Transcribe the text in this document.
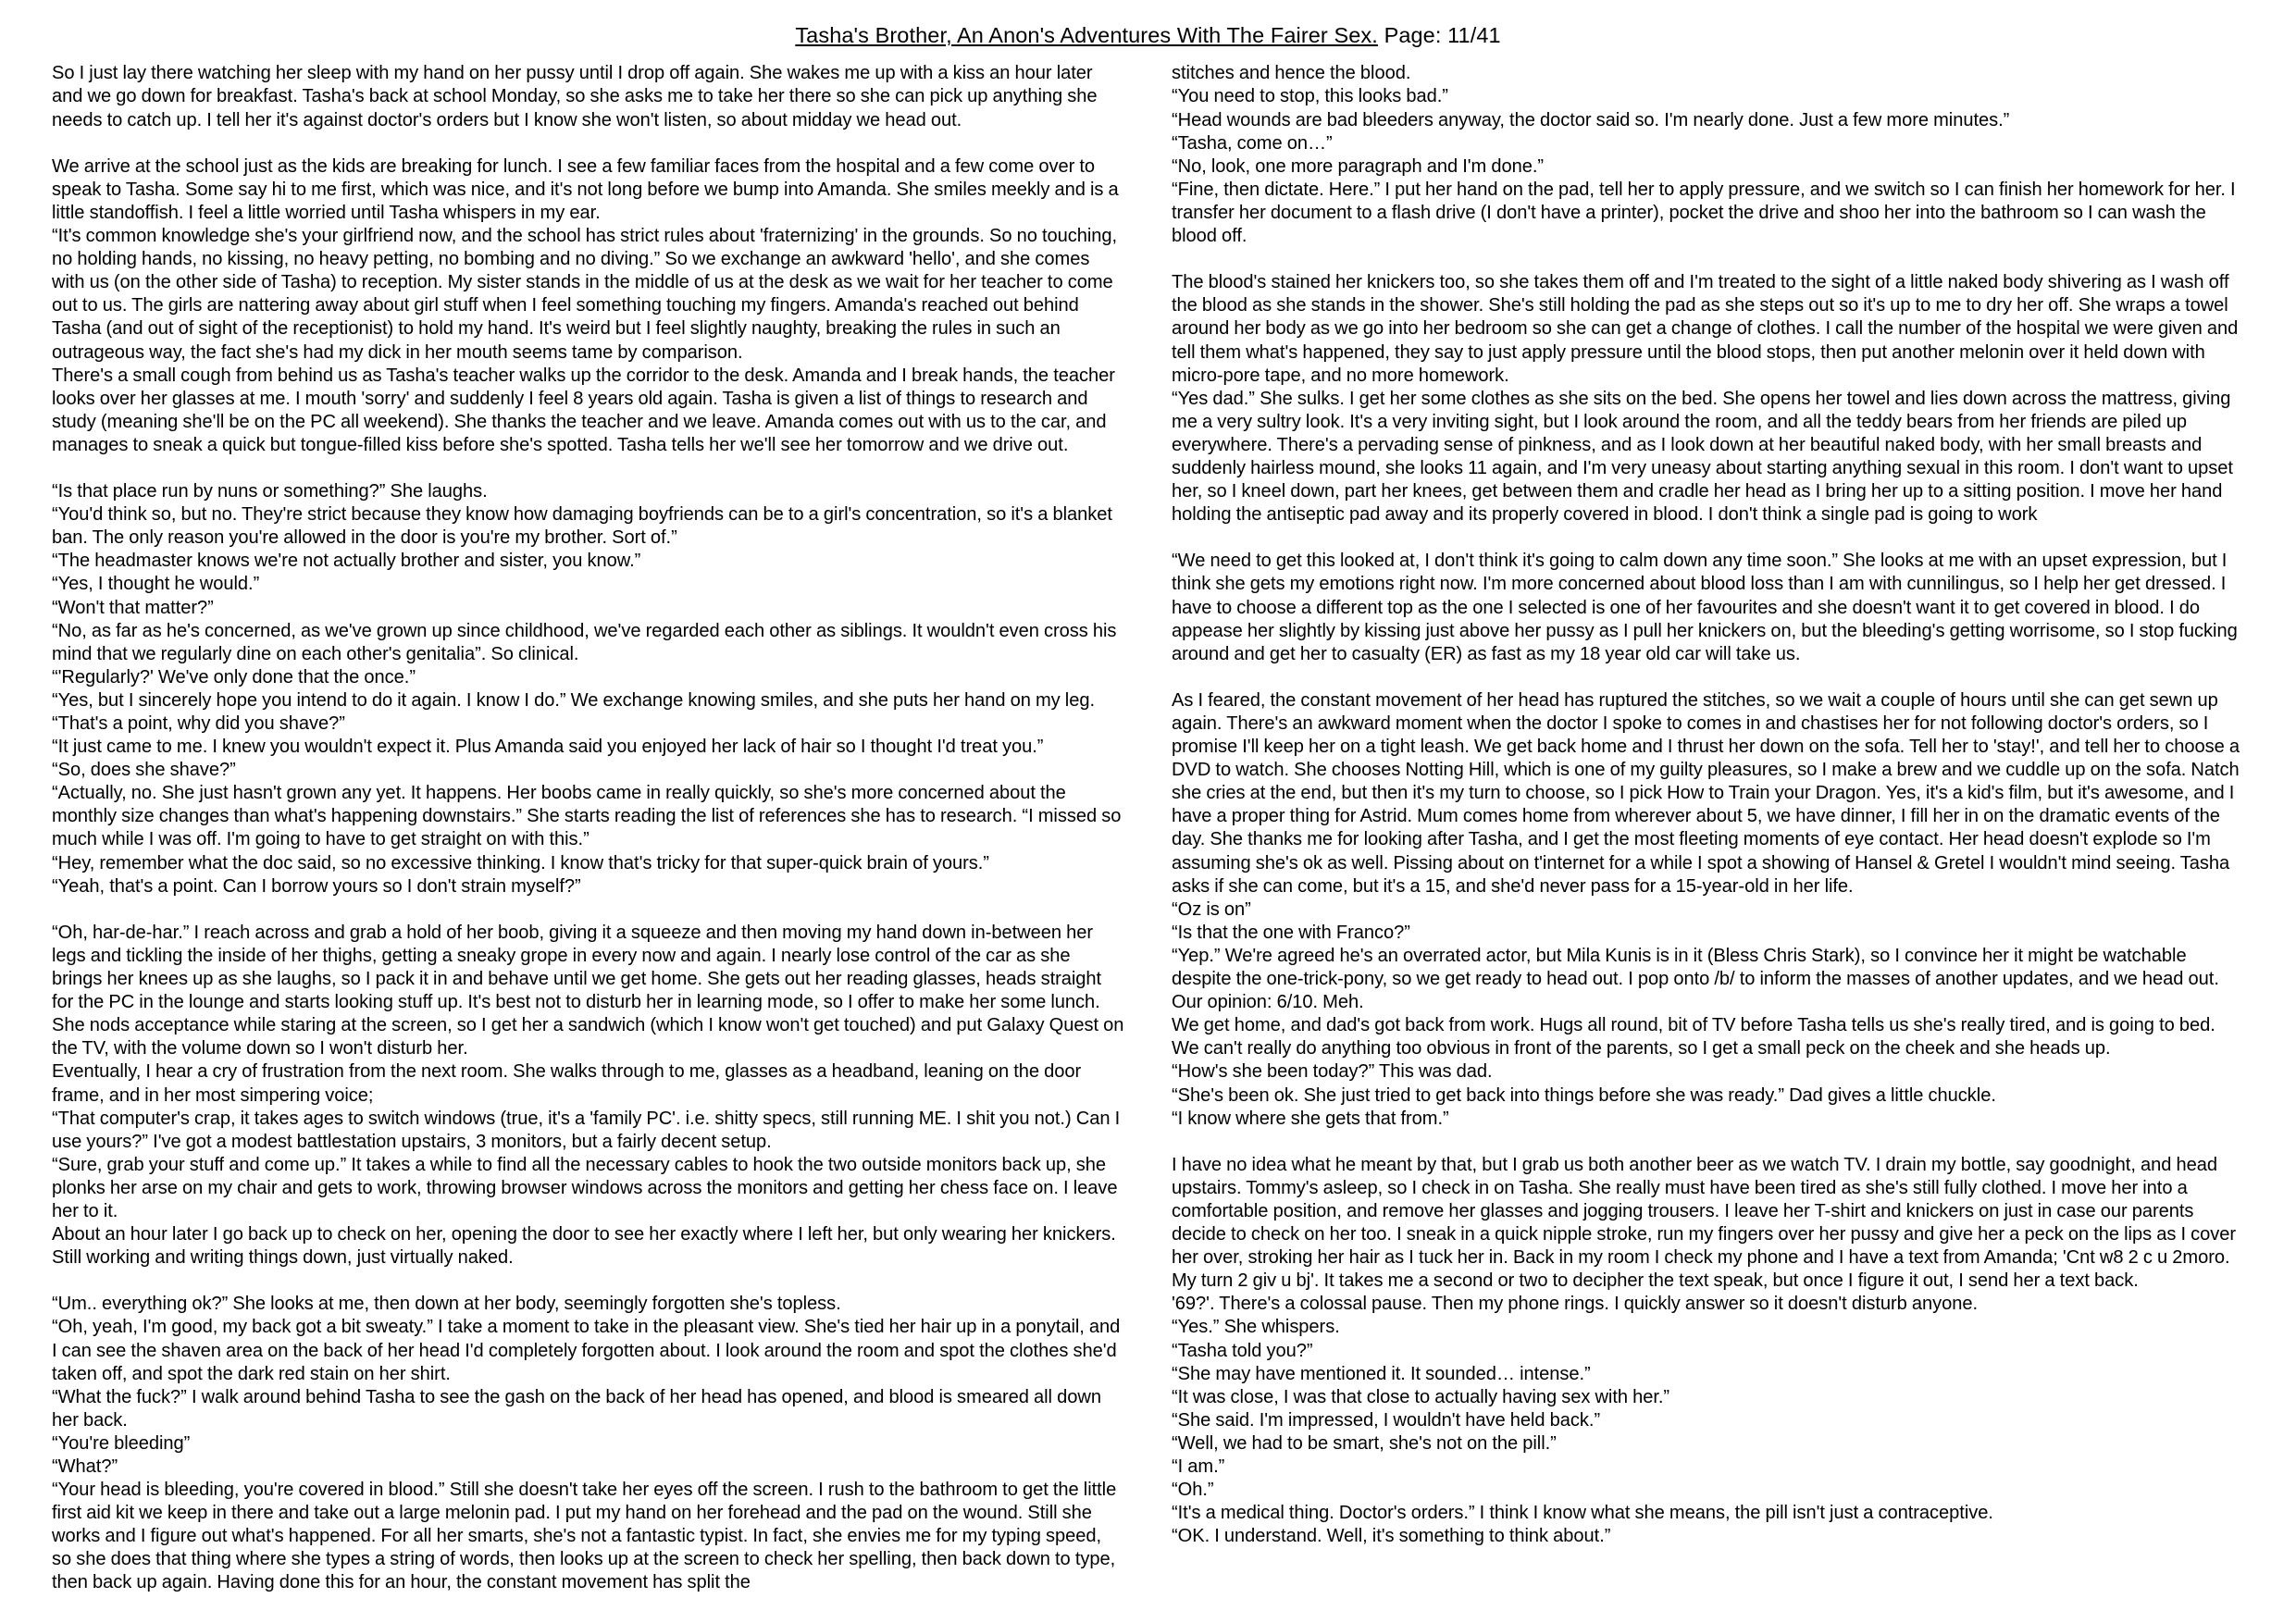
Tasha's Brother, An Anon's Adventures With The Fairer Sex. Page: 11/41

So I just lay there watching her sleep with my hand on her pussy until I drop off again. She wakes me up with a kiss an hour later and we go down for breakfast. Tasha's back at school Monday, so she asks me to take her there so she can pick up anything she needs to catch up. I tell her it's against doctor's orders but I know she won't listen, so about midday we head out.

We arrive at the school just as the kids are breaking for lunch. I see a few familiar faces from the hospital and a few come over to speak to Tasha. Some say hi to me first, which was nice, and it's not long before we bump into Amanda. She smiles meekly and is a little standoffish. I feel a little worried until Tasha whispers in my ear.

“It's common knowledge she's your girlfriend now, and the school has strict rules about 'fraternizing' in the grounds. So no touching, no holding hands, no kissing, no heavy petting, no bombing and no diving.” So we exchange an awkward 'hello', and she comes with us (on the other side of Tasha) to reception. My sister stands in the middle of us at the desk as we wait for her teacher to come out to us. The girls are nattering away about girl stuff when I feel something touching my fingers. Amanda's reached out behind Tasha (and out of sight of the receptionist) to hold my hand. It's weird but I feel slightly naughty, breaking the rules in such an outrageous way, the fact she's had my dick in her mouth seems tame by comparison.

There's a small cough from behind us as Tasha's teacher walks up the corridor to the desk. Amanda and I break hands, the teacher looks over her glasses at me. I mouth 'sorry' and suddenly I feel 8 years old again. Tasha is given a list of things to research and study (meaning she'll be on the PC all weekend). She thanks the teacher and we leave. Amanda comes out with us to the car, and manages to sneak a quick but tongue-filled kiss before she's spotted. Tasha tells her we'll see her tomorrow and we drive out.

“Is that place run by nuns or something?” She laughs.

“You'd think so, but no. They're strict because they know how damaging boyfriends can be to a girl's concentration, so it's a blanket ban. The only reason you're allowed in the door is you're my brother. Sort of.”

“The headmaster knows we're not actually brother and sister, you know.”

“Yes, I thought he would.”

“Won't that matter?”

“No, as far as he's concerned, as we've grown up since childhood, we've regarded each other as siblings. It wouldn't even cross his mind that we regularly dine on each other's genitalia”. So clinical.

“'Regularly?' We've only done that the once.”

“Yes, but I sincerely hope you intend to do it again. I know I do.” We exchange knowing smiles, and she puts her hand on my leg.

“That's a point, why did you shave?”

“It just came to me. I knew you wouldn't expect it. Plus Amanda said you enjoyed her lack of hair so I thought I'd treat you.”

“So, does she shave?”

“Actually, no. She just hasn't grown any yet. It happens. Her boobs came in really quickly, so she's more concerned about the monthly size changes than what's happening downstairs.” She starts reading the list of references she has to research. “I missed so much while I was off. I'm going to have to get straight on with this.”

“Hey, remember what the doc said, so no excessive thinking. I know that's tricky for that super-quick brain of yours.”

“Yeah, that's a point. Can I borrow yours so I don't strain myself?”

“Oh, har-de-har.” I reach across and grab a hold of her boob, giving it a squeeze and then moving my hand down in-between her legs and tickling the inside of her thighs, getting a sneaky grope in every now and again. I nearly lose control of the car as she brings her knees up as she laughs, so I pack it in and behave until we get home. She gets out her reading glasses, heads straight for the PC in the lounge and starts looking stuff up. It's best not to disturb her in learning mode, so I offer to make her some lunch. She nods acceptance while staring at the screen, so I get her a sandwich (which I know won't get touched) and put Galaxy Quest on the TV, with the volume down so I won't disturb her.

Eventually, I hear a cry of frustration from the next room. She walks through to me, glasses as a headband, leaning on the door frame, and in her most simpering voice;

“That computer's crap, it takes ages to switch windows (true, it's a 'family PC'. i.e. shitty specs, still running ME. I shit you not.) Can I use yours?” I've got a modest battlestation upstairs, 3 monitors, but a fairly decent setup.

“Sure, grab your stuff and come up.” It takes a while to find all the necessary cables to hook the two outside monitors back up, she plonks her arse on my chair and gets to work, throwing browser windows across the monitors and getting her chess face on. I leave her to it.

About an hour later I go back up to check on her, opening the door to see her exactly where I left her, but only wearing her knickers. Still working and writing things down, just virtually naked.

“Um.. everything ok?” She looks at me, then down at her body, seemingly forgotten she's topless.

“Oh, yeah, I'm good, my back got a bit sweaty.” I take a moment to take in the pleasant view. She's tied her hair up in a ponytail, and I can see the shaven area on the back of her head I'd completely forgotten about. I look around the room and spot the clothes she'd taken off, and spot the dark red stain on her shirt.

“What the fuck?” I walk around behind Tasha to see the gash on the back of her head has opened, and blood is smeared all down her back.

“You're bleeding”

“What?”

“Your head is bleeding, you're covered in blood.” Still she doesn't take her eyes off the screen. I rush to the bathroom to get the little first aid kit we keep in there and take out a large melonin pad. I put my hand on her forehead and the pad on the wound. Still she works and I figure out what's happened. For all her smarts, she's not a fantastic typist. In fact, she envies me for my typing speed, so she does that thing where she types a string of words, then looks up at the screen to check her spelling, then back down to type, then back up again. Having done this for an hour, the constant movement has split the

stitches and hence the blood.

“You need to stop, this looks bad.”

“Head wounds are bad bleeders anyway, the doctor said so. I'm nearly done. Just a few more minutes.”

“Tasha, come on…”

“No, look, one more paragraph and I'm done.”

“Fine, then dictate. Here.” I put her hand on the pad, tell her to apply pressure, and we switch so I can finish her homework for her. I transfer her document to a flash drive (I don't have a printer), pocket the drive and shoo her into the bathroom so I can wash the blood off.

The blood's stained her knickers too, so she takes them off and I'm treated to the sight of a little naked body shivering as I wash off the blood as she stands in the shower. She's still holding the pad as she steps out so it's up to me to dry her off. She wraps a towel around her body as we go into her bedroom so she can get a change of clothes. I call the number of the hospital we were given and tell them what's happened, they say to just apply pressure until the blood stops, then put another melonin over it held down with micro-pore tape, and no more homework.

“Yes dad.” She sulks. I get her some clothes as she sits on the bed. She opens her towel and lies down across the mattress, giving me a very sultry look. It's a very inviting sight, but I look around the room, and all the teddy bears from her friends are piled up everywhere. There's a pervading sense of pinkness, and as I look down at her beautiful naked body, with her small breasts and suddenly hairless mound, she looks 11 again, and I'm very uneasy about starting anything sexual in this room. I don't want to upset her, so I kneel down, part her knees, get between them and cradle her head as I bring her up to a sitting position. I move her hand holding the antiseptic pad away and its properly covered in blood. I don't think a single pad is going to work

“We need to get this looked at, I don't think it's going to calm down any time soon.” She looks at me with an upset expression, but I think she gets my emotions right now. I'm more concerned about blood loss than I am with cunnilingus, so I help her get dressed. I have to choose a different top as the one I selected is one of her favourites and she doesn't want it to get covered in blood. I do appease her slightly by kissing just above her pussy as I pull her knickers on, but the bleeding's getting worrisome, so I stop fucking around and get her to casualty (ER) as fast as my 18 year old car will take us.

As I feared, the constant movement of her head has ruptured the stitches, so we wait a couple of hours until she can get sewn up again. There's an awkward moment when the doctor I spoke to comes in and chastises her for not following doctor's orders, so I promise I'll keep her on a tight leash. We get back home and I thrust her down on the sofa. Tell her to 'stay!', and tell her to choose a DVD to watch. She chooses Notting Hill, which is one of my guilty pleasures, so I make a brew and we cuddle up on the sofa. Natch she cries at the end, but then it's my turn to choose, so I pick How to Train your Dragon. Yes, it's a kid's film, but it's awesome, and I have a proper thing for Astrid. Mum comes home from wherever about 5, we have dinner, I fill her in on the dramatic events of the day. She thanks me for looking after Tasha, and I get the most fleeting moments of eye contact. Her head doesn't explode so I'm assuming she's ok as well. Pissing about on t'internet for a while I spot a showing of Hansel & Gretel I wouldn't mind seeing. Tasha asks if she can come, but it's a 15, and she'd never pass for a 15-year-old in her life.

“Oz is on”

“Is that the one with Franco?”

“Yep.” We're agreed he's an overrated actor, but Mila Kunis is in it (Bless Chris Stark), so I convince her it might be watchable despite the one-trick-pony, so we get ready to head out. I pop onto /b/ to inform the masses of another updates, and we head out.

Our opinion: 6/10. Meh.

We get home, and dad's got back from work. Hugs all round, bit of TV before Tasha tells us she's really tired, and is going to bed. We can't really do anything too obvious in front of the parents, so I get a small peck on the cheek and she heads up.

“How's she been today?” This was dad.

“She's been ok. She just tried to get back into things before she was ready.” Dad gives a little chuckle.

“I know where she gets that from.”

I have no idea what he meant by that, but I grab us both another beer as we watch TV. I drain my bottle, say goodnight, and head upstairs. Tommy's asleep, so I check in on Tasha. She really must have been tired as she's still fully clothed. I move her into a comfortable position, and remove her glasses and jogging trousers. I leave her T-shirt and knickers on just in case our parents decide to check on her too. I sneak in a quick nipple stroke, run my fingers over her pussy and give her a peck on the lips as I cover her over, stroking her hair as I tuck her in. Back in my room I check my phone and I have a text from Amanda; 'Cnt w8 2 c u 2moro. My turn 2 giv u bj'. It takes me a second or two to decipher the text speak, but once I figure it out, I send her a text back.

'69?'. There's a colossal pause. Then my phone rings. I quickly answer so it doesn't disturb anyone.

“Yes.” She whispers.

“Tasha told you?”

“She may have mentioned it. It sounded… intense.”

“It was close, I was that close to actually having sex with her.”

“She said. I'm impressed, I wouldn't have held back.”

“Well, we had to be smart, she's not on the pill.”

“I am.”

“Oh.”

“It's a medical thing. Doctor's orders.” I think I know what she means, the pill isn't just a contraceptive.

“OK. I understand. Well, it's something to think about.”
